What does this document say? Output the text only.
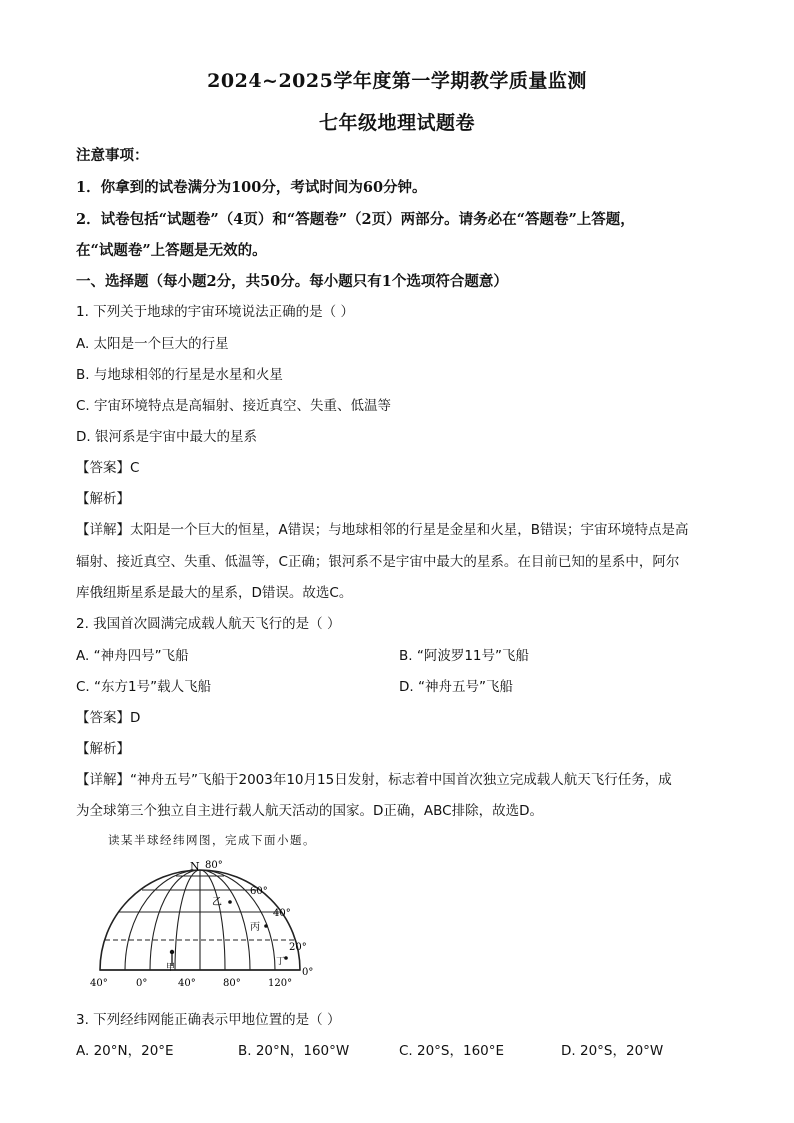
2024~2025学年度第一学期教学质量监测
七年级地理试题卷
注意事项：
1．你拿到的试卷满分为100分，考试时间为60分钟。
2．试卷包括“试题卷”（4页）和“答题卷”（2页）两部分。请务必在“答题卷”上答题，
在“试题卷”上答题是无效的。
一、选择题（每小题2分，共50分。每小题只有1个选项符合题意）
1. 下列关于地球的宇宙环境说法正确的是（ ）
A. 太阳是一个巨大的行星
B. 与地球相邻的行星是水星和火星
C. 宇宙环境特点是高辐射、接近真空、失重、低温等
D. 银河系是宇宙中最大的星系
【答案】C
【解析】
【详解】太阳是一个巨大的恒星，A错误；与地球相邻的行星是金星和火星，B错误；宇宙环境特点是高
辐射、接近真空、失重、低温等，C正确；银河系不是宇宙中最大的星系。在目前已知的星系中，阿尔
库俄纽斯星系是最大的星系，D错误。故选C。
2. 我国首次圆满完成载人航天飞行的是（ ）
A. “神舟四号”飞船	B. “阿波罗11号”飞船
C. “东方1号”载人飞船	D. “神舟五号”飞船
【答案】D
【解析】
【详解】“神舟五号”飞船于2003年10月15日发射，标志着中国首次独立完成载人航天飞行任务，成
为全球第三个独立自主进行载人航天活动的国家。D正确，ABC排除，故选D。
读某半球经纬网图，完成下面小题。
N 80°
60°
40°
20°
0°
40°	0°	40°	80°	120°
甲
乙
丙
丁
3. 下列经纬网能正确表示甲地位置的是（ ）
A. 20°N，20°E	B. 20°N，160°W	C. 20°S，160°E	D. 20°S，20°W
